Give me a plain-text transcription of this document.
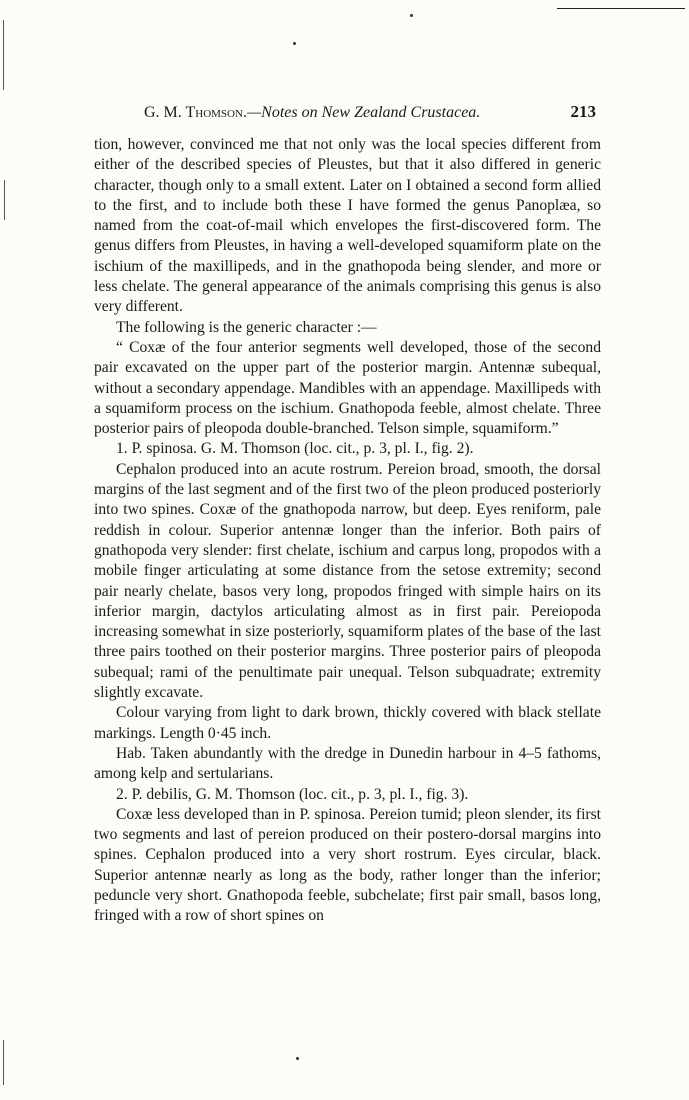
G. M. Thomson.—Notes on New Zealand Crustacea.	213

tion, however, convinced me that not only was the local species different from either of the described species of Pleustes, but that it also differed in generic character, though only to a small extent. Later on I obtained a second form allied to the first, and to include both these I have formed the genus Panoplæa, so named from the coat-of-mail which envelopes the first-discovered form. The genus differs from Pleustes, in having a well-developed squamiform plate on the ischium of the maxillipeds, and in the gnathopoda being slender, and more or less chelate. The general appearance of the animals comprising this genus is also very different.

The following is the generic character :—

“ Coxæ of the four anterior segments well developed, those of the second pair excavated on the upper part of the posterior margin. Antennæ subequal, without a secondary appendage. Mandibles with an appendage. Maxillipeds with a squamiform process on the ischium. Gnathopoda feeble, almost chelate. Three posterior pairs of pleopoda double-branched. Telson simple, squamiform.”

1. P. spinosa. G. M. Thomson (loc. cit., p. 3, pl. I., fig. 2).

Cephalon produced into an acute rostrum. Pereion broad, smooth, the dorsal margins of the last segment and of the first two of the pleon produced posteriorly into two spines. Coxæ of the gnathopoda narrow, but deep. Eyes reniform, pale reddish in colour. Superior antennæ longer than the inferior. Both pairs of gnathopoda very slender: first chelate, ischium and carpus long, propodos with a mobile finger articulating at some distance from the setose extremity; second pair nearly chelate, basos very long, propodos fringed with simple hairs on its inferior margin, dactylos articulating almost as in first pair. Pereiopoda increasing somewhat in size posteriorly, squamiform plates of the base of the last three pairs toothed on their posterior margins. Three posterior pairs of pleopoda subequal; rami of the penultimate pair unequal. Telson subquadrate; extremity slightly excavate.

Colour varying from light to dark brown, thickly covered with black stellate markings. Length 0·45 inch.

Hab. Taken abundantly with the dredge in Dunedin harbour in 4–5 fathoms, among kelp and sertularians.

2. P. debilis, G. M. Thomson (loc. cit., p. 3, pl. I., fig. 3).

Coxæ less developed than in P. spinosa. Pereion tumid; pleon slender, its first two segments and last of pereion produced on their postero-dorsal margins into spines. Cephalon produced into a very short rostrum. Eyes circular, black. Superior antennæ nearly as long as the body, rather longer than the inferior; peduncle very short. Gnathopoda feeble, subchelate; first pair small, basos long, fringed with a row of short spines on
